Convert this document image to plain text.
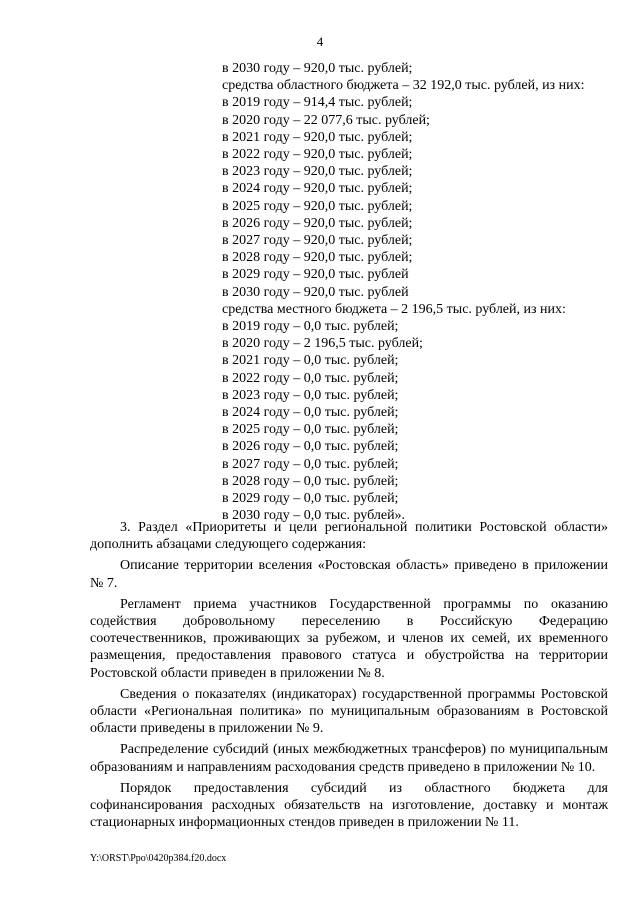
4
в 2030 году – 920,0 тыс. рублей;
средства областного бюджета – 32 192,0 тыс. рублей, из них:
в 2019 году – 914,4 тыс. рублей;
в 2020 году – 22 077,6 тыс. рублей;
в 2021 году – 920,0 тыс. рублей;
в 2022 году – 920,0 тыс. рублей;
в 2023 году – 920,0 тыс. рублей;
в 2024 году – 920,0 тыс. рублей;
в 2025 году – 920,0 тыс. рублей;
в 2026 году – 920,0 тыс. рублей;
в 2027 году – 920,0 тыс. рублей;
в 2028 году – 920,0 тыс. рублей;
в 2029 году – 920,0 тыс. рублей
в 2030 году – 920,0 тыс. рублей
средства местного бюджета – 2 196,5 тыс. рублей, из них:
в 2019 году – 0,0 тыс. рублей;
в 2020 году – 2 196,5 тыс. рублей;
в 2021 году – 0,0 тыс. рублей;
в 2022 году – 0,0 тыс. рублей;
в 2023 году – 0,0 тыс. рублей;
в 2024 году – 0,0 тыс. рублей;
в 2025 году – 0,0 тыс. рублей;
в 2026 году – 0,0 тыс. рублей;
в 2027 году – 0,0 тыс. рублей;
в 2028 году – 0,0 тыс. рублей;
в 2029 году – 0,0 тыс. рублей;
в 2030 году – 0,0 тыс. рублей».

3. Раздел «Приоритеты и цели региональной политики Ростовской области» дополнить абзацами следующего содержания:

Описание территории вселения «Ростовская область» приведено в приложении № 7.

Регламент приема участников Государственной программы по оказанию содействия добровольному переселению в Российскую Федерацию соотечественников, проживающих за рубежом, и членов их семей, их временного размещения, предоставления правового статуса и обустройства на территории Ростовской области приведен в приложении № 8.

Сведения о показателях (индикаторах) государственной программы Ростовской области «Региональная политика» по муниципальным образованиям в Ростовской области приведены в приложении № 9.

Распределение субсидий (иных межбюджетных трансферов) по муниципальным образованиям и направлениям расходования средств приведено в приложении № 10.

Порядок предоставления субсидий из областного бюджета для софинансирования расходных обязательств на изготовление, доставку и монтаж стационарных информационных стендов приведен в приложении № 11.

Y:\ORST\Ppo\0420p384.f20.docx
